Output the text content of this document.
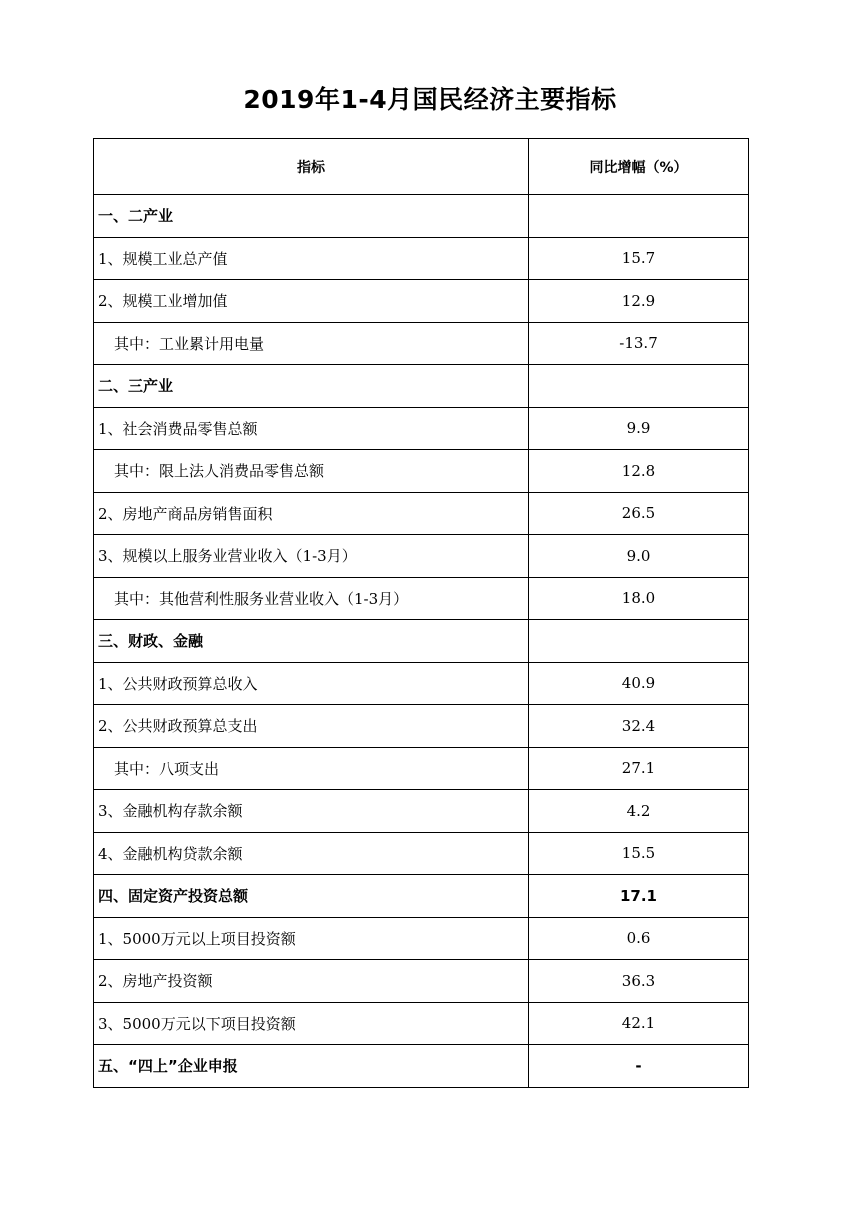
2019年1-4月国民经济主要指标
指标	同比增幅（%）
一、二产业	
1、规模工业总产值	15.7
2、规模工业增加值	12.9
其中：工业累计用电量	-13.7
二、三产业	
1、社会消费品零售总额	9.9
其中：限上法人消费品零售总额	12.8
2、房地产商品房销售面积	26.5
3、规模以上服务业营业收入（1-3月）	9.0
其中：其他营利性服务业营业收入（1-3月）	18.0
三、财政、金融	
1、公共财政预算总收入	40.9
2、公共财政预算总支出	32.4
其中：八项支出	27.1
3、金融机构存款余额	4.2
4、金融机构贷款余额	15.5
四、固定资产投资总额	17.1
1、5000万元以上项目投资额	0.6
2、房地产投资额	36.3
3、5000万元以下项目投资额	42.1
五、“四上”企业申报	-
